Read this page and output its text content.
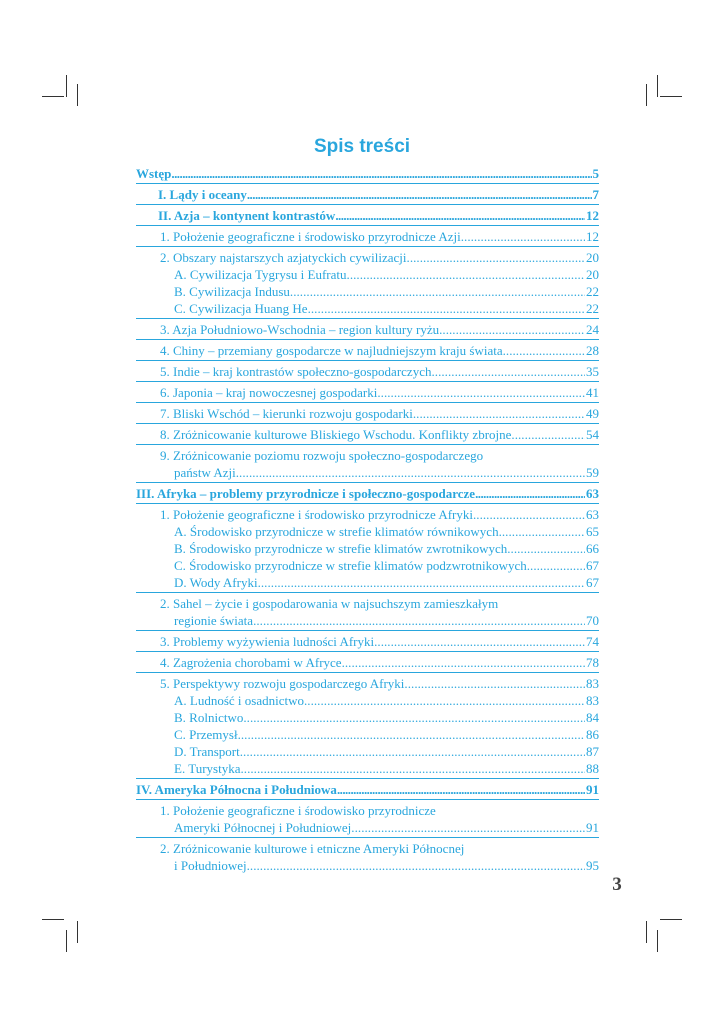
Spis treści
Wstęp . . .	5
I. Lądy i oceany . . .	7
II. Azja – kontynent kontrastów . . .	12
1. Położenie geograficzne i środowisko przyrodnicze Azji . . .	12
2. Obszary najstarszych azjatyckich cywilizacji . . .	20
A. Cywilizacja Tygrysu i Eufratu . . .	20
B. Cywilizacja Indusu . . .	22
C. Cywilizacja Huang He . . .	22
3. Azja Południowo-Wschodnia – region kultury ryżu . . .	24
4. Chiny – przemiany gospodarcze w najludniejszym kraju świata . . .	28
5. Indie – kraj kontrastów społeczno-gospodarczych . . .	35
6. Japonia – kraj nowoczesnej gospodarki . . .	41
7. Bliski Wschód – kierunki rozwoju gospodarki . . .	49
8. Zróżnicowanie kulturowe Bliskiego Wschodu. Konflikty zbrojne . . .	54
9. Zróżnicowanie poziomu rozwoju społeczno-gospodarczego
państw Azji . . .	59
III. Afryka – problemy przyrodnicze i społeczno-gospodarcze . . .	63
1. Położenie geograficzne i środowisko przyrodnicze Afryki . . .	63
A. Środowisko przyrodnicze w strefie klimatów równikowych . . .	65
B. Środowisko przyrodnicze w strefie klimatów zwrotnikowych . . .	66
C. Środowisko przyrodnicze w strefie klimatów podzwrotnikowych . . .	67
D. Wody Afryki . . .	67
2. Sahel – życie i gospodarowania w najsuchszym zamieszkałym
regionie świata . . .	70
3. Problemy wyżywienia ludności Afryki . . .	74
4. Zagrożenia chorobami w Afryce . . .	78
5. Perspektywy rozwoju gospodarczego Afryki . . .	83
A. Ludność i osadnictwo . . .	83
B. Rolnictwo . . .	84
C. Przemysł . . .	86
D. Transport . . .	87
E. Turystyka . . .	88
IV. Ameryka Północna i Południowa . . .	91
1. Położenie geograficzne i środowisko przyrodnicze
Ameryki Północnej i Południowej . . .	91
2. Zróżnicowanie kulturowe i etniczne Ameryki Północnej
i Południowej . . .	95
3
